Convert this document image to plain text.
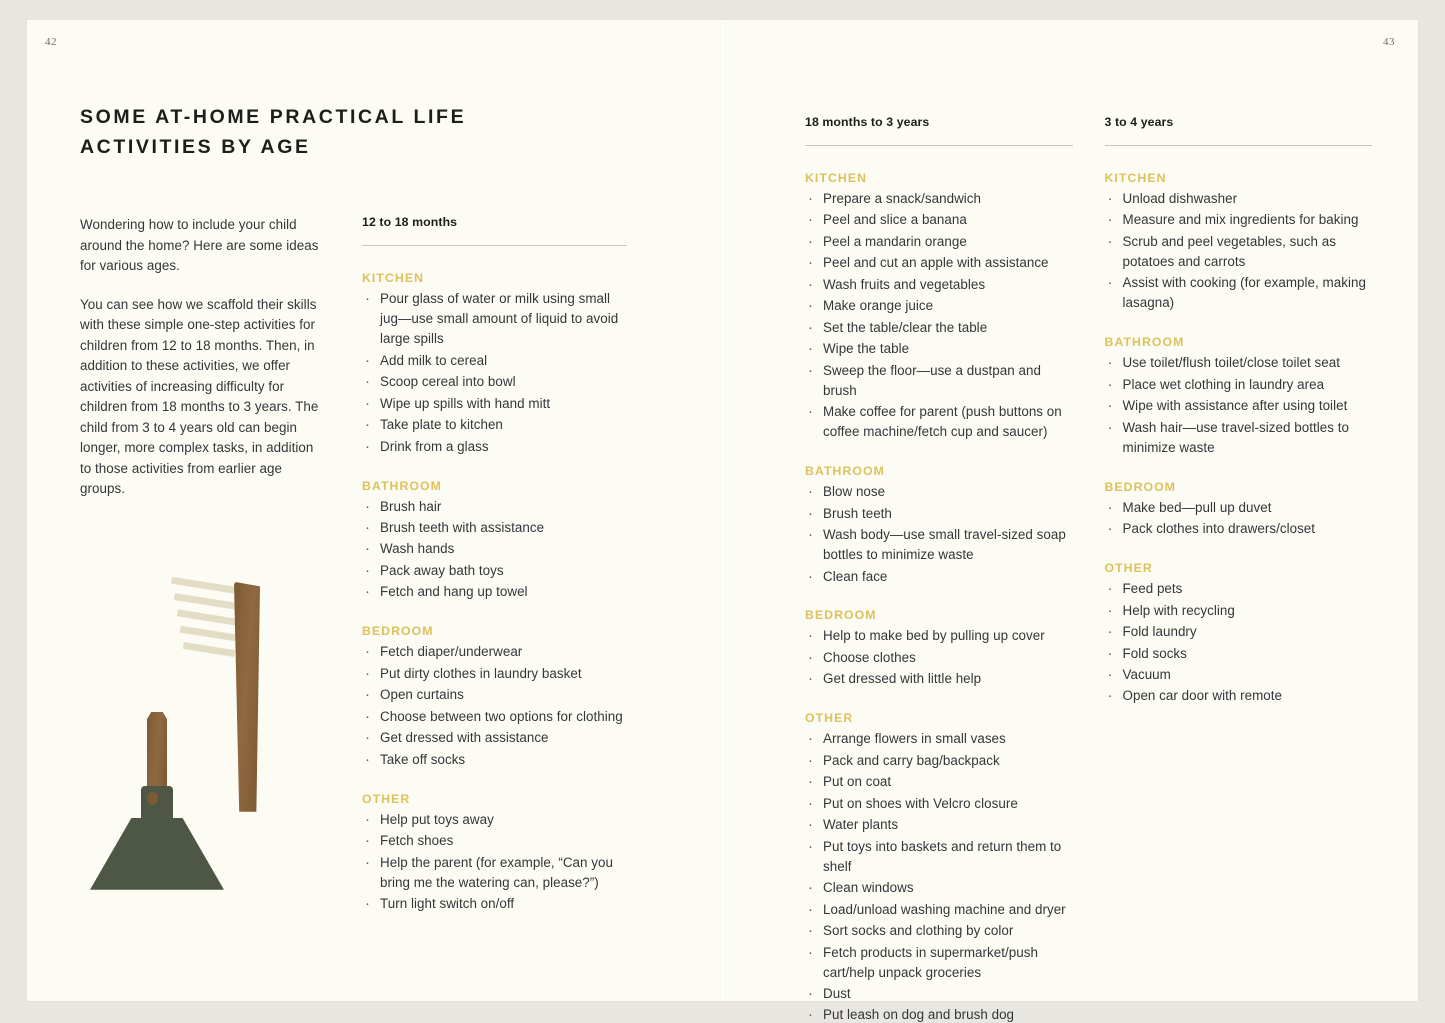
42
SOME AT-HOME PRACTICAL LIFE ACTIVITIES BY AGE

Wondering how to include your child around the home? Here are some ideas for various ages.

You can see how we scaffold their skills with these simple one-step activities for children from 12 to 18 months. Then, in addition to these activities, we offer activities of increasing difficulty for children from 18 months to 3 years. The child from 3 to 4 years old can begin longer, more complex tasks, in addition to those activities from earlier age groups.

12 to 18 months
KITCHEN
· Pour glass of water or milk using small jug—use small amount of liquid to avoid large spills
· Add milk to cereal
· Scoop cereal into bowl
· Wipe up spills with hand mitt
· Take plate to kitchen
· Drink from a glass
BATHROOM
· Brush hair
· Brush teeth with assistance
· Wash hands
· Pack away bath toys
· Fetch and hang up towel
BEDROOM
· Fetch diaper/underwear
· Put dirty clothes in laundry basket
· Open curtains
· Choose between two options for clothing
· Get dressed with assistance
· Take off socks
OTHER
· Help put toys away
· Fetch shoes
· Help the parent (for example, “Can you bring me the watering can, please?”)
· Turn light switch on/off
43
18 months to 3 years
KITCHEN
· Prepare a snack/sandwich
· Peel and slice a banana
· Peel a mandarin orange
· Peel and cut an apple with assistance
· Wash fruits and vegetables
· Make orange juice
· Set the table/clear the table
· Wipe the table
· Sweep the floor—use a dustpan and brush
· Make coffee for parent (push buttons on coffee machine/fetch cup and saucer)
BATHROOM
· Blow nose
· Brush teeth
· Wash body—use small travel-sized soap bottles to minimize waste
· Clean face
BEDROOM
· Help to make bed by pulling up cover
· Choose clothes
· Get dressed with little help
OTHER
· Arrange flowers in small vases
· Pack and carry bag/backpack
· Put on coat
· Put on shoes with Velcro closure
· Water plants
· Put toys into baskets and return them to shelf
· Clean windows
· Load/unload washing machine and dryer
· Sort socks and clothing by color
· Fetch products in supermarket/push cart/help unpack groceries
· Dust
· Put leash on dog and brush dog
3 to 4 years
KITCHEN
· Unload dishwasher
· Measure and mix ingredients for baking
· Scrub and peel vegetables, such as potatoes and carrots
· Assist with cooking (for example, making lasagna)
BATHROOM
· Use toilet/flush toilet/close toilet seat
· Place wet clothing in laundry area
· Wipe with assistance after using toilet
· Wash hair—use travel-sized bottles to minimize waste
BEDROOM
· Make bed—pull up duvet
· Pack clothes into drawers/closet
OTHER
· Feed pets
· Help with recycling
· Fold laundry
· Fold socks
· Vacuum
· Open car door with remote
